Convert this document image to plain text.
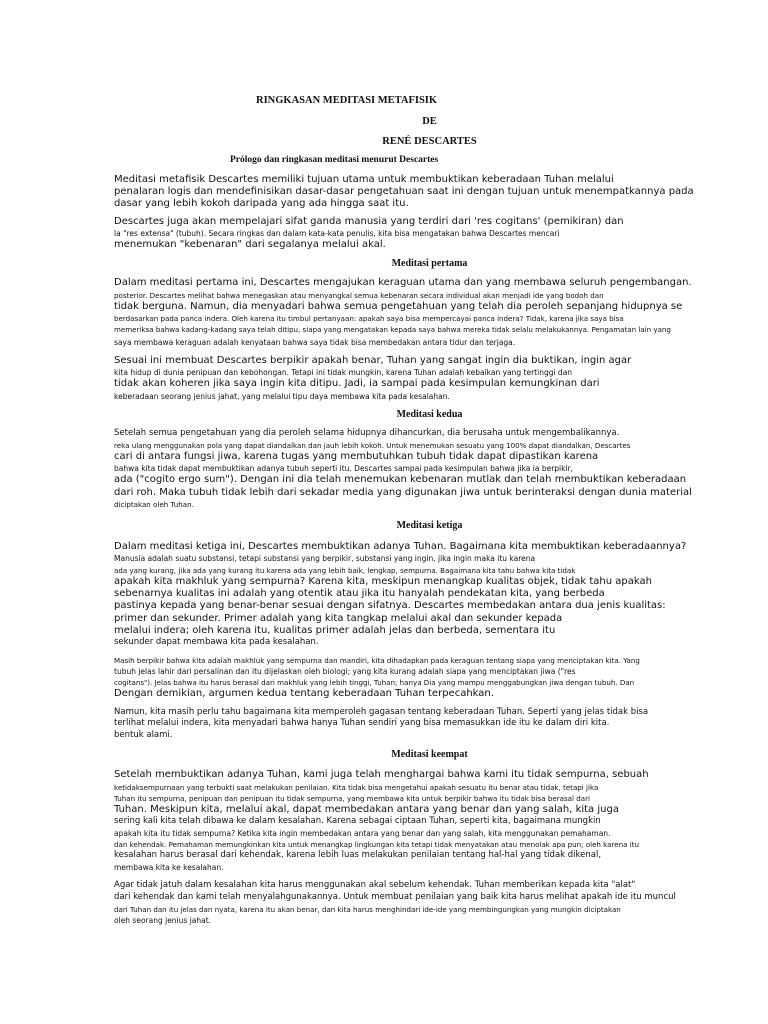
RINGKASAN MEDITASI METAFISIK

DE

RENÉ DESCARTES

Prólogo dan ringkasan meditasi menurut Descartes

Meditasi metafisik Descartes memiliki tujuan utama untuk membuktikan keberadaan Tuhan melalui
penalaran logis dan mendefinisikan dasar-dasar pengetahuan saat ini dengan tujuan untuk menempatkannya pada
dasar yang lebih kokoh daripada yang ada hingga saat itu.
Descartes juga akan mempelajari sifat ganda manusia yang terdiri dari 'res cogitans' (pemikiran) dan
la "res extensa" (tubuh). Secara ringkas dan dalam kata-kata penulis, kita bisa mengatakan bahwa Descartes mencari
menemukan "kebenaran" dari segalanya melalui akal.

Meditasi pertama

Dalam meditasi pertama ini, Descartes mengajukan keraguan utama dan yang membawa seluruh pengembangan.
posterior. Descartes melihat bahwa menegaskan atau menyangkal semua kebenaran secara individual akan menjadi ide yang bodoh dan
tidak berguna. Namun, dia menyadari bahwa semua pengetahuan yang telah dia peroleh sepanjang hidupnya se
berdasarkan pada panca indera. Oleh karena itu timbul pertanyaan: apakah saya bisa mempercayai panca indera? Tidak, karena jika saya bisa
memeriksa bahwa kadang-kadang saya telah ditipu, siapa yang mengatakan kepada saya bahwa mereka tidak selalu melakukannya. Pengamatan lain yang
saya membawa keraguan adalah kenyataan bahwa saya tidak bisa membedakan antara tidur dan terjaga.
Sesuai ini membuat Descartes berpikir apakah benar, Tuhan yang sangat ingin dia buktikan, ingin agar
kita hidup di dunia penipuan dan kebohongan. Tetapi ini tidak mungkin, karena Tuhan adalah kebaikan yang tertinggi dan
tidak akan koheren jika saya ingin kita ditipu. Jadi, ia sampai pada kesimpulan kemungkinan dari
keberadaan seorang jenius jahat, yang melalui tipu daya membawa kita pada kesalahan.

Meditasi kedua

Setelah semua pengetahuan yang dia peroleh selama hidupnya dihancurkan, dia berusaha untuk mengembalikannya.
reka ulang menggunakan pola yang dapat diandalkan dan jauh lebih kokoh. Untuk menemukan sesuatu yang 100% dapat diandalkan, Descartes
cari di antara fungsi jiwa, karena tugas yang membutuhkan tubuh tidak dapat dipastikan karena
bahwa kita tidak dapat membuktikan adanya tubuh seperti itu. Descartes sampai pada kesimpulan bahwa jika ia berpikir,
ada ("cogito ergo sum"). Dengan ini dia telah menemukan kebenaran mutlak dan telah membuktikan keberadaan
dari roh. Maka tubuh tidak lebih dari sekadar media yang digunakan jiwa untuk berinteraksi dengan dunia material
diciptakan oleh Tuhan.

Meditasi ketiga

Dalam meditasi ketiga ini, Descartes membuktikan adanya Tuhan. Bagaimana kita membuktikan keberadaannya?
Manusia adalah suatu substansi, tetapi substansi yang berpikir, substansi yang ingin, jika ingin maka itu karena
ada yang kurang, jika ada yang kurang itu karena ada yang lebih baik, lengkap, sempurna. Bagaimana kita tahu bahwa kita tidak
apakah kita makhluk yang sempurna? Karena kita, meskipun menangkap kualitas objek, tidak tahu apakah
sebenarnya kualitas ini adalah yang otentik atau jika itu hanyalah pendekatan kita, yang berbeda
pastinya kepada yang benar-benar sesuai dengan sifatnya. Descartes membedakan antara dua jenis kualitas:
primer dan sekunder. Primer adalah yang kita tangkap melalui akal dan sekunder kepada
melalui indera; oleh karena itu, kualitas primer adalah jelas dan berbeda, sementara itu
sekunder dapat membawa kita pada kesalahan.
Masih berpikir bahwa kita adalah makhluk yang sempurna dan mandiri, kita dihadapkan pada keraguan tentang siapa yang menciptakan kita. Yang
tubuh jelas lahir dari persalinan dan itu dijelaskan oleh biologi; yang kita kurang adalah siapa yang menciptakan jiwa ("res
cogitans"). Jelas bahwa itu harus berasal dari makhluk yang lebih tinggi, Tuhan; hanya Dia yang mampu menggabungkan jiwa dengan tubuh. Dan
Dengan demikian, argumen kedua tentang keberadaan Tuhan terpecahkan.
Namun, kita masih perlu tahu bagaimana kita memperoleh gagasan tentang keberadaan Tuhan. Seperti yang jelas tidak bisa
terlihat melalui indera, kita menyadari bahwa hanya Tuhan sendiri yang bisa memasukkan ide itu ke dalam diri kita.
bentuk alami.

Meditasi keempat

Setelah membuktikan adanya Tuhan, kami juga telah menghargai bahwa kami itu tidak sempurna, sebuah
ketidaksempurnaan yang terbukti saat melakukan penilaian. Kita tidak bisa mengetahui apakah sesuatu itu benar atau tidak, tetapi jika
Tuhan itu sempurna, penipuan dan penipuan itu tidak sempurna, yang membawa kita untuk berpikir bahwa itu tidak bisa berasal dari
Tuhan. Meskipun kita, melalui akal, dapat membedakan antara yang benar dan yang salah, kita juga
sering kali kita telah dibawa ke dalam kesalahan. Karena sebagai ciptaan Tuhan, seperti kita, bagaimana mungkin
apakah kita itu tidak sempurna? Ketika kita ingin membedakan antara yang benar dan yang salah, kita menggunakan pemahaman.
dan kehendak. Pemahaman memungkinkan kita untuk menangkap lingkungan kita tetapi tidak menyatakan atau menolak apa pun; oleh karena itu
kesalahan harus berasal dari kehendak, karena lebih luas melakukan penilaian tentang hal-hal yang tidak dikenal,
membawa kita ke kesalahan.
Agar tidak jatuh dalam kesalahan kita harus menggunakan akal sebelum kehendak. Tuhan memberikan kepada kita "alat"
dari kehendak dan kami telah menyalahgunakannya. Untuk membuat penilaian yang baik kita harus melihat apakah ide itu muncul
dari Tuhan dan itu jelas dan nyata, karena itu akan benar, dan kita harus menghindari ide-ide yang membingungkan yang mungkin diciptakan
oleh seorang jenius jahat.
